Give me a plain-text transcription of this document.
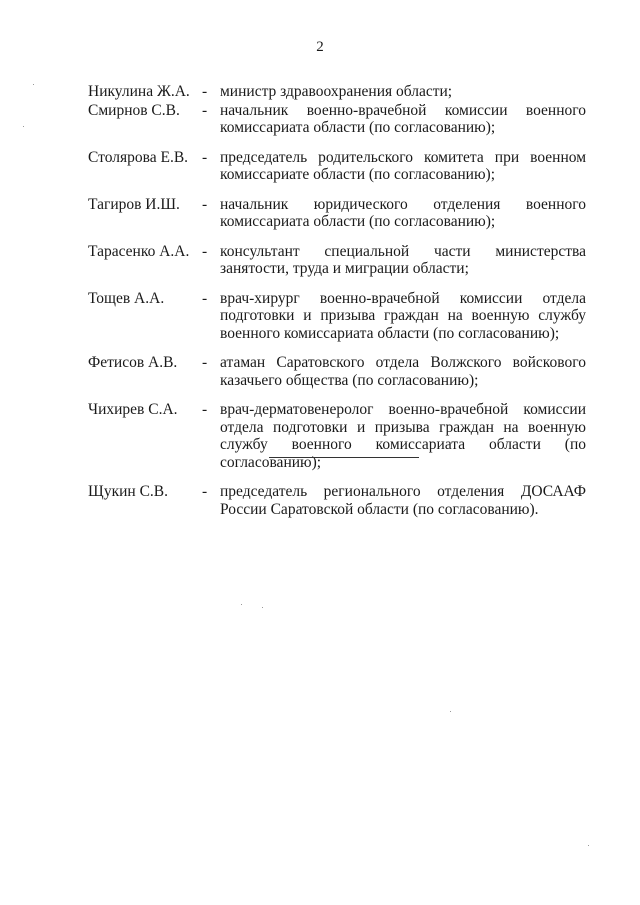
2
Никулина Ж.А. - министр здравоохранения области;
Смирнов С.В. - начальник военно-врачебной комиссии военного комиссариата области (по согласованию);
Столярова Е.В. - председатель родительского комитета при военном комиссариате области (по согласованию);
Тагиров И.Ш. - начальник юридического отделения военного комиссариата области (по согласованию);
Тарасенко А.А. - консультант специальной части министерства занятости, труда и миграции области;
Тощев А.А. - врач-хирург военно-врачебной комиссии отдела подготовки и призыва граждан на военную службу военного комиссариата области (по согласованию);
Фетисов А.В. - атаман Саратовского отдела Волжского войскового казачьего общества (по согласованию);
Чихирев С.А. - врач-дерматовенеролог военно-врачебной комиссии отдела подготовки и призыва граждан на военную службу военного комиссариата области (по согласованию);
Щукин С.В. - председатель регионального отделения ДОСААФ России Саратовской области (по согласованию).
